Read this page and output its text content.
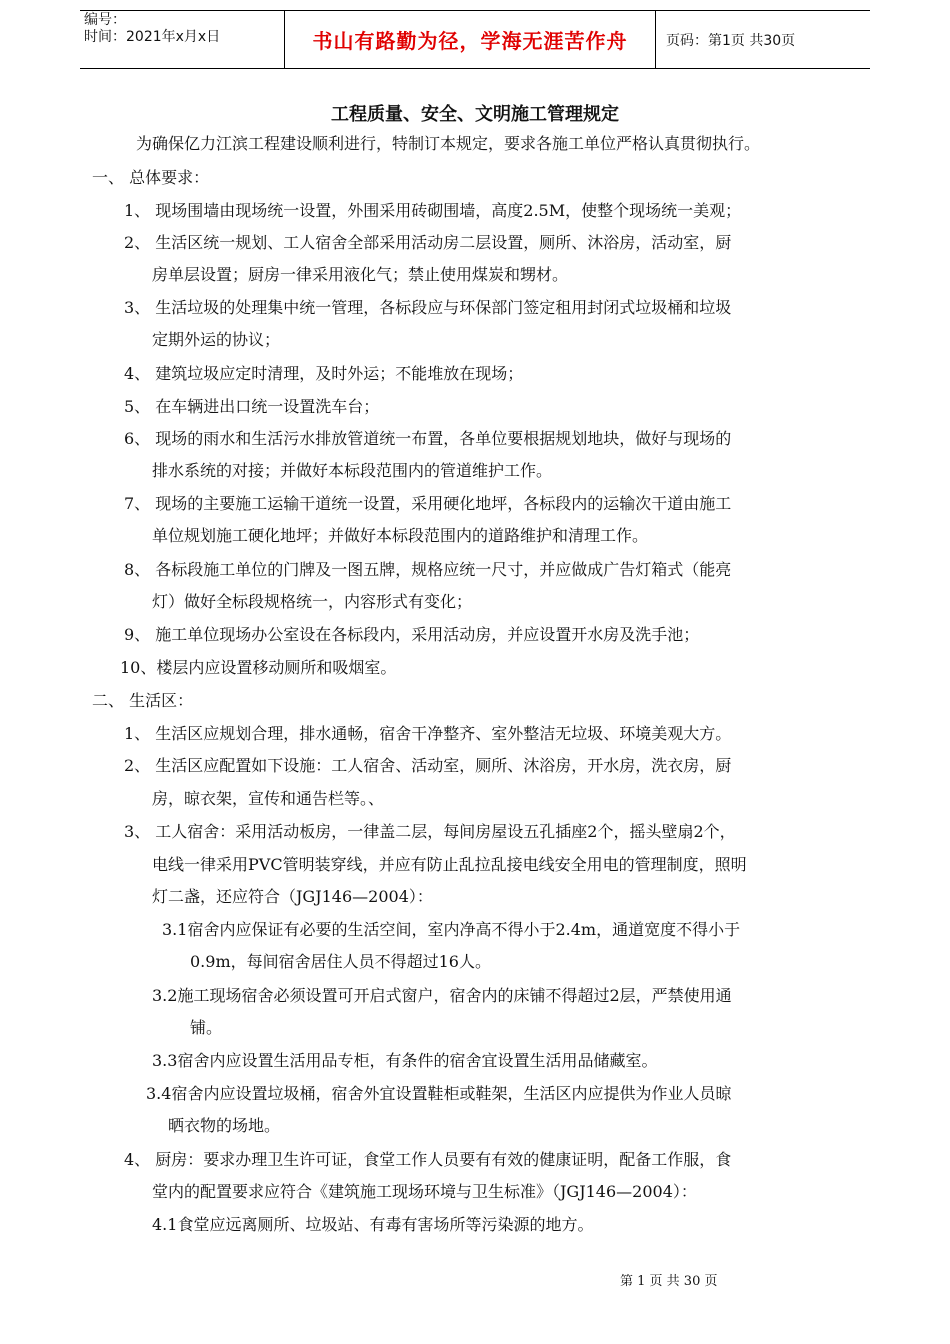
编号：
时间：2021年x月x日	书山有路勤为径，学海无涯苦作舟	页码：第1页 共30页
工程质量、安全、文明施工管理规定
为确保亿力江滨工程建设顺利进行，特制订本规定，要求各施工单位严格认真贯彻执行。
一、 总体要求：
1、 现场围墙由现场统一设置，外围采用砖砌围墙，高度2.5M，使整个现场统一美观；
2、 生活区统一规划、工人宿舍全部采用活动房二层设置，厕所、沐浴房，活动室，厨
房单层设置；厨房一律采用液化气；禁止使用煤炭和甥材。
3、 生活垃圾的处理集中统一管理，各标段应与环保部门签定租用封闭式垃圾桶和垃圾
定期外运的协议；
4、 建筑垃圾应定时清理，及时外运；不能堆放在现场；
5、 在车辆进出口统一设置洗车台；
6、 现场的雨水和生活污水排放管道统一布置，各单位要根据规划地块，做好与现场的
排水系统的对接；并做好本标段范围内的管道维护工作。
7、 现场的主要施工运输干道统一设置，采用硬化地坪，各标段内的运输次干道由施工
单位规划施工硬化地坪；并做好本标段范围内的道路维护和清理工作。
8、 各标段施工单位的门牌及一图五牌，规格应统一尺寸，并应做成广告灯箱式（能亮
灯）做好全标段规格统一，内容形式有变化；
9、 施工单位现场办公室设在各标段内，采用活动房，并应设置开水房及洗手池；
10、楼层内应设置移动厕所和吸烟室。
二、 生活区：
1、 生活区应规划合理，排水通畅，宿舍干净整齐、室外整洁无垃圾、环境美观大方。
2、 生活区应配置如下设施：工人宿舍、活动室，厕所、沐浴房，开水房，洗衣房，厨
房，晾衣架，宣传和通告栏等。、
3、 工人宿舍：采用活动板房，一律盖二层，每间房屋设五孔插座2个，摇头壁扇2个，
电线一律采用PVC管明装穿线，并应有防止乱拉乱接电线安全用电的管理制度，照明
灯二盏，还应符合（JGJ146—2004）：
3.1宿舍内应保证有必要的生活空间，室内净高不得小于2.4m，通道宽度不得小于
0.9m，每间宿舍居住人员不得超过16人。
3.2施工现场宿舍必须设置可开启式窗户，宿舍内的床铺不得超过2层，严禁使用通
铺。
3.3宿舍内应设置生活用品专柜，有条件的宿舍宜设置生活用品储藏室。
3.4宿舍内应设置垃圾桶，宿舍外宜设置鞋柜或鞋架，生活区内应提供为作业人员晾
晒衣物的场地。
4、 厨房：要求办理卫生许可证，食堂工作人员要有有效的健康证明，配备工作服，食
堂内的配置要求应符合《建筑施工现场环境与卫生标准》（JGJ146—2004）：
4.1食堂应远离厕所、垃圾站、有毒有害场所等污染源的地方。
第 1 页 共 30 页
